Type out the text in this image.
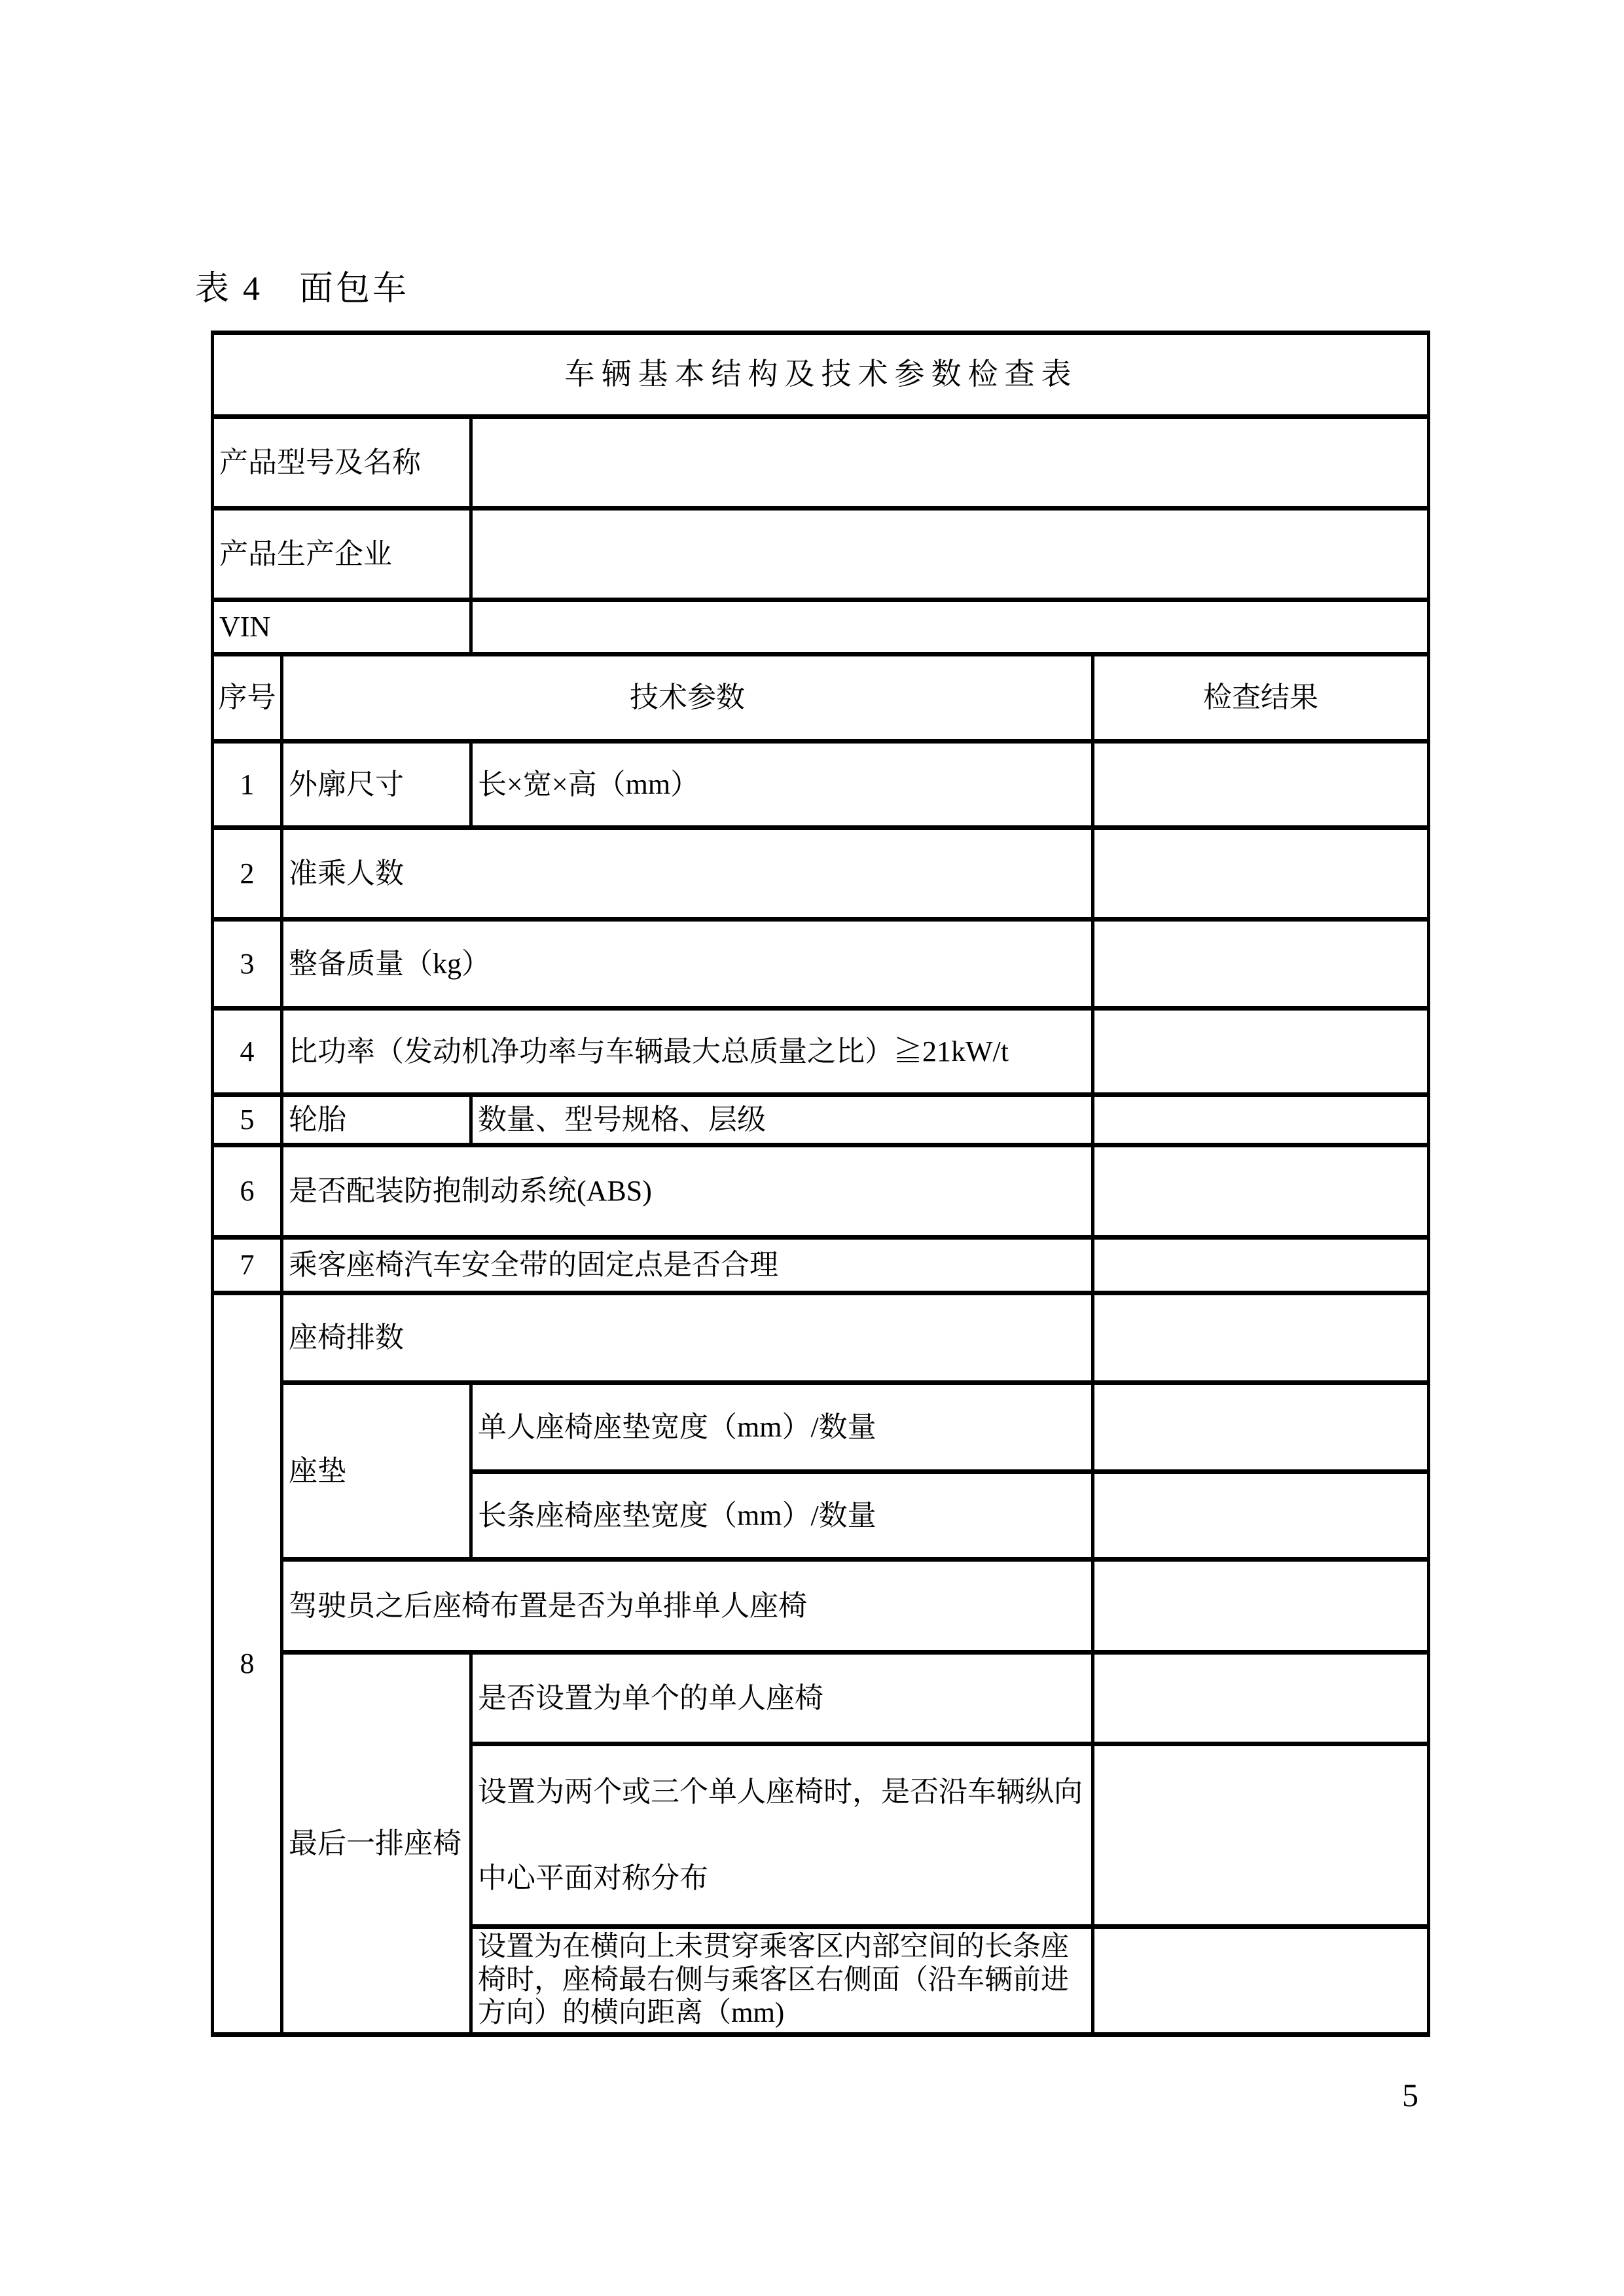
表 4　面包车
车辆基本结构及技术参数检查表			
产品型号及名称			
产品生产企业			
VIN			
序号	技术参数		检查结果
1	外廓尺寸	长×宽×高（mm）	
2	准乘人数		
3	整备质量（kg）		
4	比功率（发动机净功率与车辆最大总质量之比）≧21kW/t		
5	轮胎	数量、型号规格、层级	
6	是否配装防抱制动系统(ABS)		
7	乘客座椅汽车安全带的固定点是否合理		
8	座椅排数		
	座垫	单人座椅座垫宽度（mm）/数量	
		长条座椅座垫宽度（mm）/数量	
	驾驶员之后座椅布置是否为单排单人座椅		
	最后一排座椅	是否设置为单个的单人座椅	
		设置为两个或三个单人座椅时，是否沿车辆纵向中心平面对称分布	
		设置为在横向上未贯穿乘客区内部空间的长条座椅时，座椅最右侧与乘客区右侧面（沿车辆前进方向）的横向距离（mm)	
5
